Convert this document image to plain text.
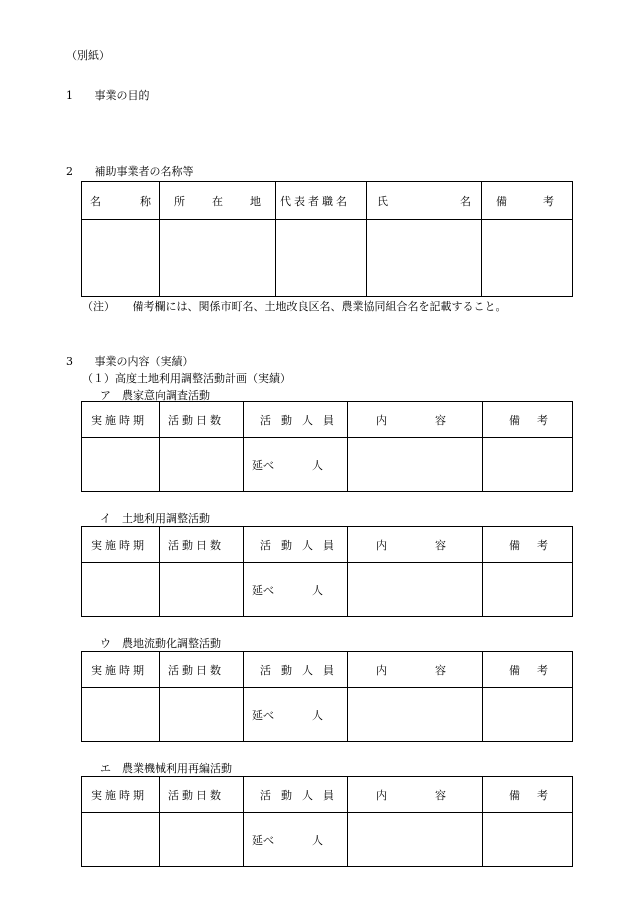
（別紙）
1 事業の目的
2 補助事業者の名称等
名 称	所 在 地	代表者職名	氏 名	備 考

（注） 備考欄には、関係市町名、土地改良区名、農業協同組合名を記載すること。
3 事業の内容（実績）
（１）高度土地利用調整活動計画（実績）
ア　農家意向調査活動
実施時期	活動日数	活 動 人 員	内 容	備 考

		延べ 人		

イ　土地利用調整活動
実施時期	活動日数	活 動 人 員	内 容	備 考

		延べ 人		

ウ　農地流動化調整活動
実施時期	活動日数	活 動 人 員	内 容	備 考

		延べ 人		

エ　農業機械利用再編活動
実施時期	活動日数	活 動 人 員	内 容	備 考

		延べ 人		
